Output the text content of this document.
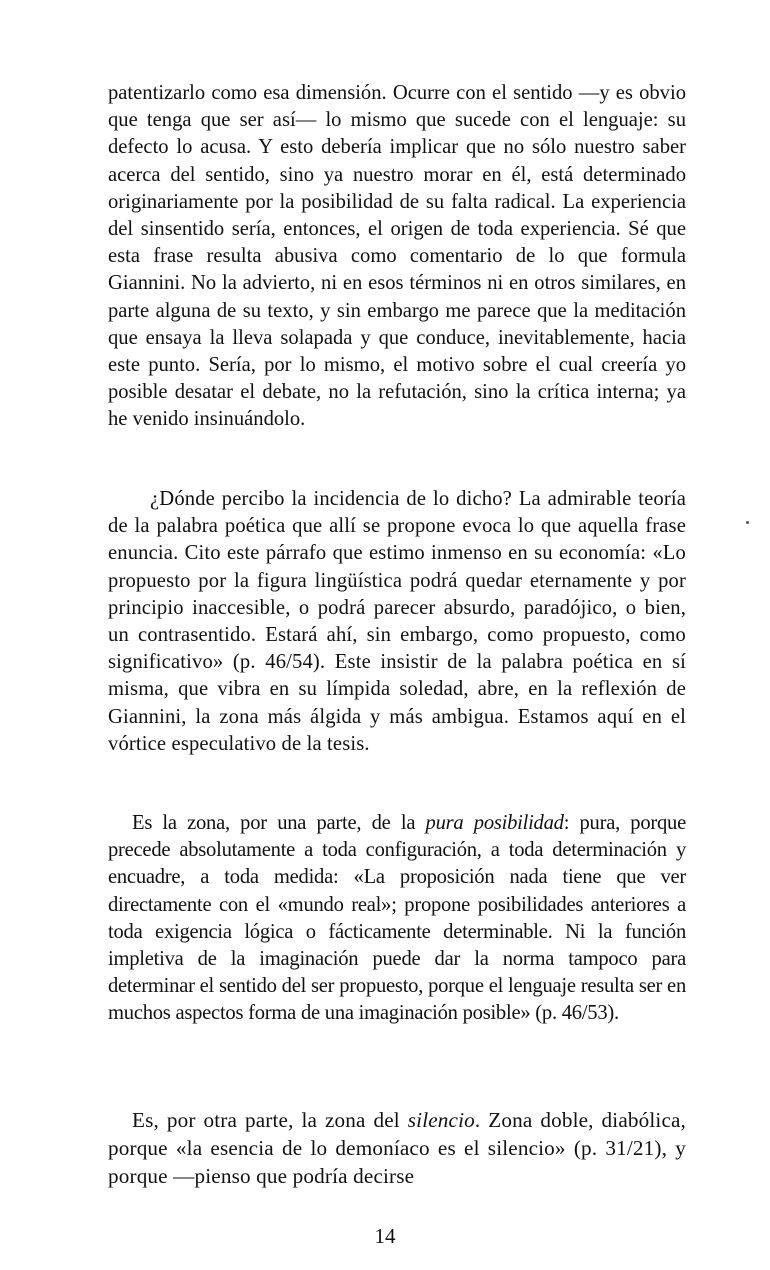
patentizarlo como esa dimensión. Ocurre con el sentido —y es obvio que tenga que ser así— lo mismo que sucede con el lenguaje: su defecto lo acusa. Y esto debería implicar que no sólo nuestro saber acerca del sentido, sino ya nuestro morar en él, está determinado originariamente por la posibilidad de su falta radical. La experiencia del sinsentido sería, entonces, el origen de toda experiencia. Sé que esta frase resulta abusiva como comentario de lo que formula Giannini. No la advierto, ni en esos términos ni en otros similares, en parte alguna de su texto, y sin embargo me parece que la meditación que ensaya la lleva solapada y que conduce, inevitablemente, hacia este punto. Sería, por lo mismo, el motivo sobre el cual creería yo posible desatar el debate, no la refutación, sino la crítica interna; ya he venido insinuándolo.

¿Dónde percibo la incidencia de lo dicho? La admirable teoría de la palabra poética que allí se propone evoca lo que aquella frase enuncia. Cito este párrafo que estimo inmenso en su economía: «Lo propuesto por la figura lingüística podrá quedar eternamente y por principio inaccesible, o podrá parecer absurdo, paradójico, o bien, un contrasentido. Estará ahí, sin embargo, como propuesto, como significativo» (p. 46/54). Este insistir de la palabra poética en sí misma, que vibra en su límpida soledad, abre, en la reflexión de Giannini, la zona más álgida y más ambigua. Estamos aquí en el vórtice especulativo de la tesis.

Es la zona, por una parte, de la pura posibilidad: pura, porque precede absolutamente a toda configuración, a toda determinación y encuadre, a toda medida: «La proposición nada tiene que ver directamente con el «mundo real»; propone posibilidades anteriores a toda exigencia lógica o fácticamente determinable. Ni la función impletiva de la imaginación puede dar la norma tampoco para determinar el sentido del ser propuesto, porque el lenguaje resulta ser en muchos aspectos forma de una imaginación posible» (p. 46/53).

Es, por otra parte, la zona del silencio. Zona doble, diabólica, porque «la esencia de lo demoníaco es el silencio» (p. 31/21), y porque —pienso que podría decirse

14
